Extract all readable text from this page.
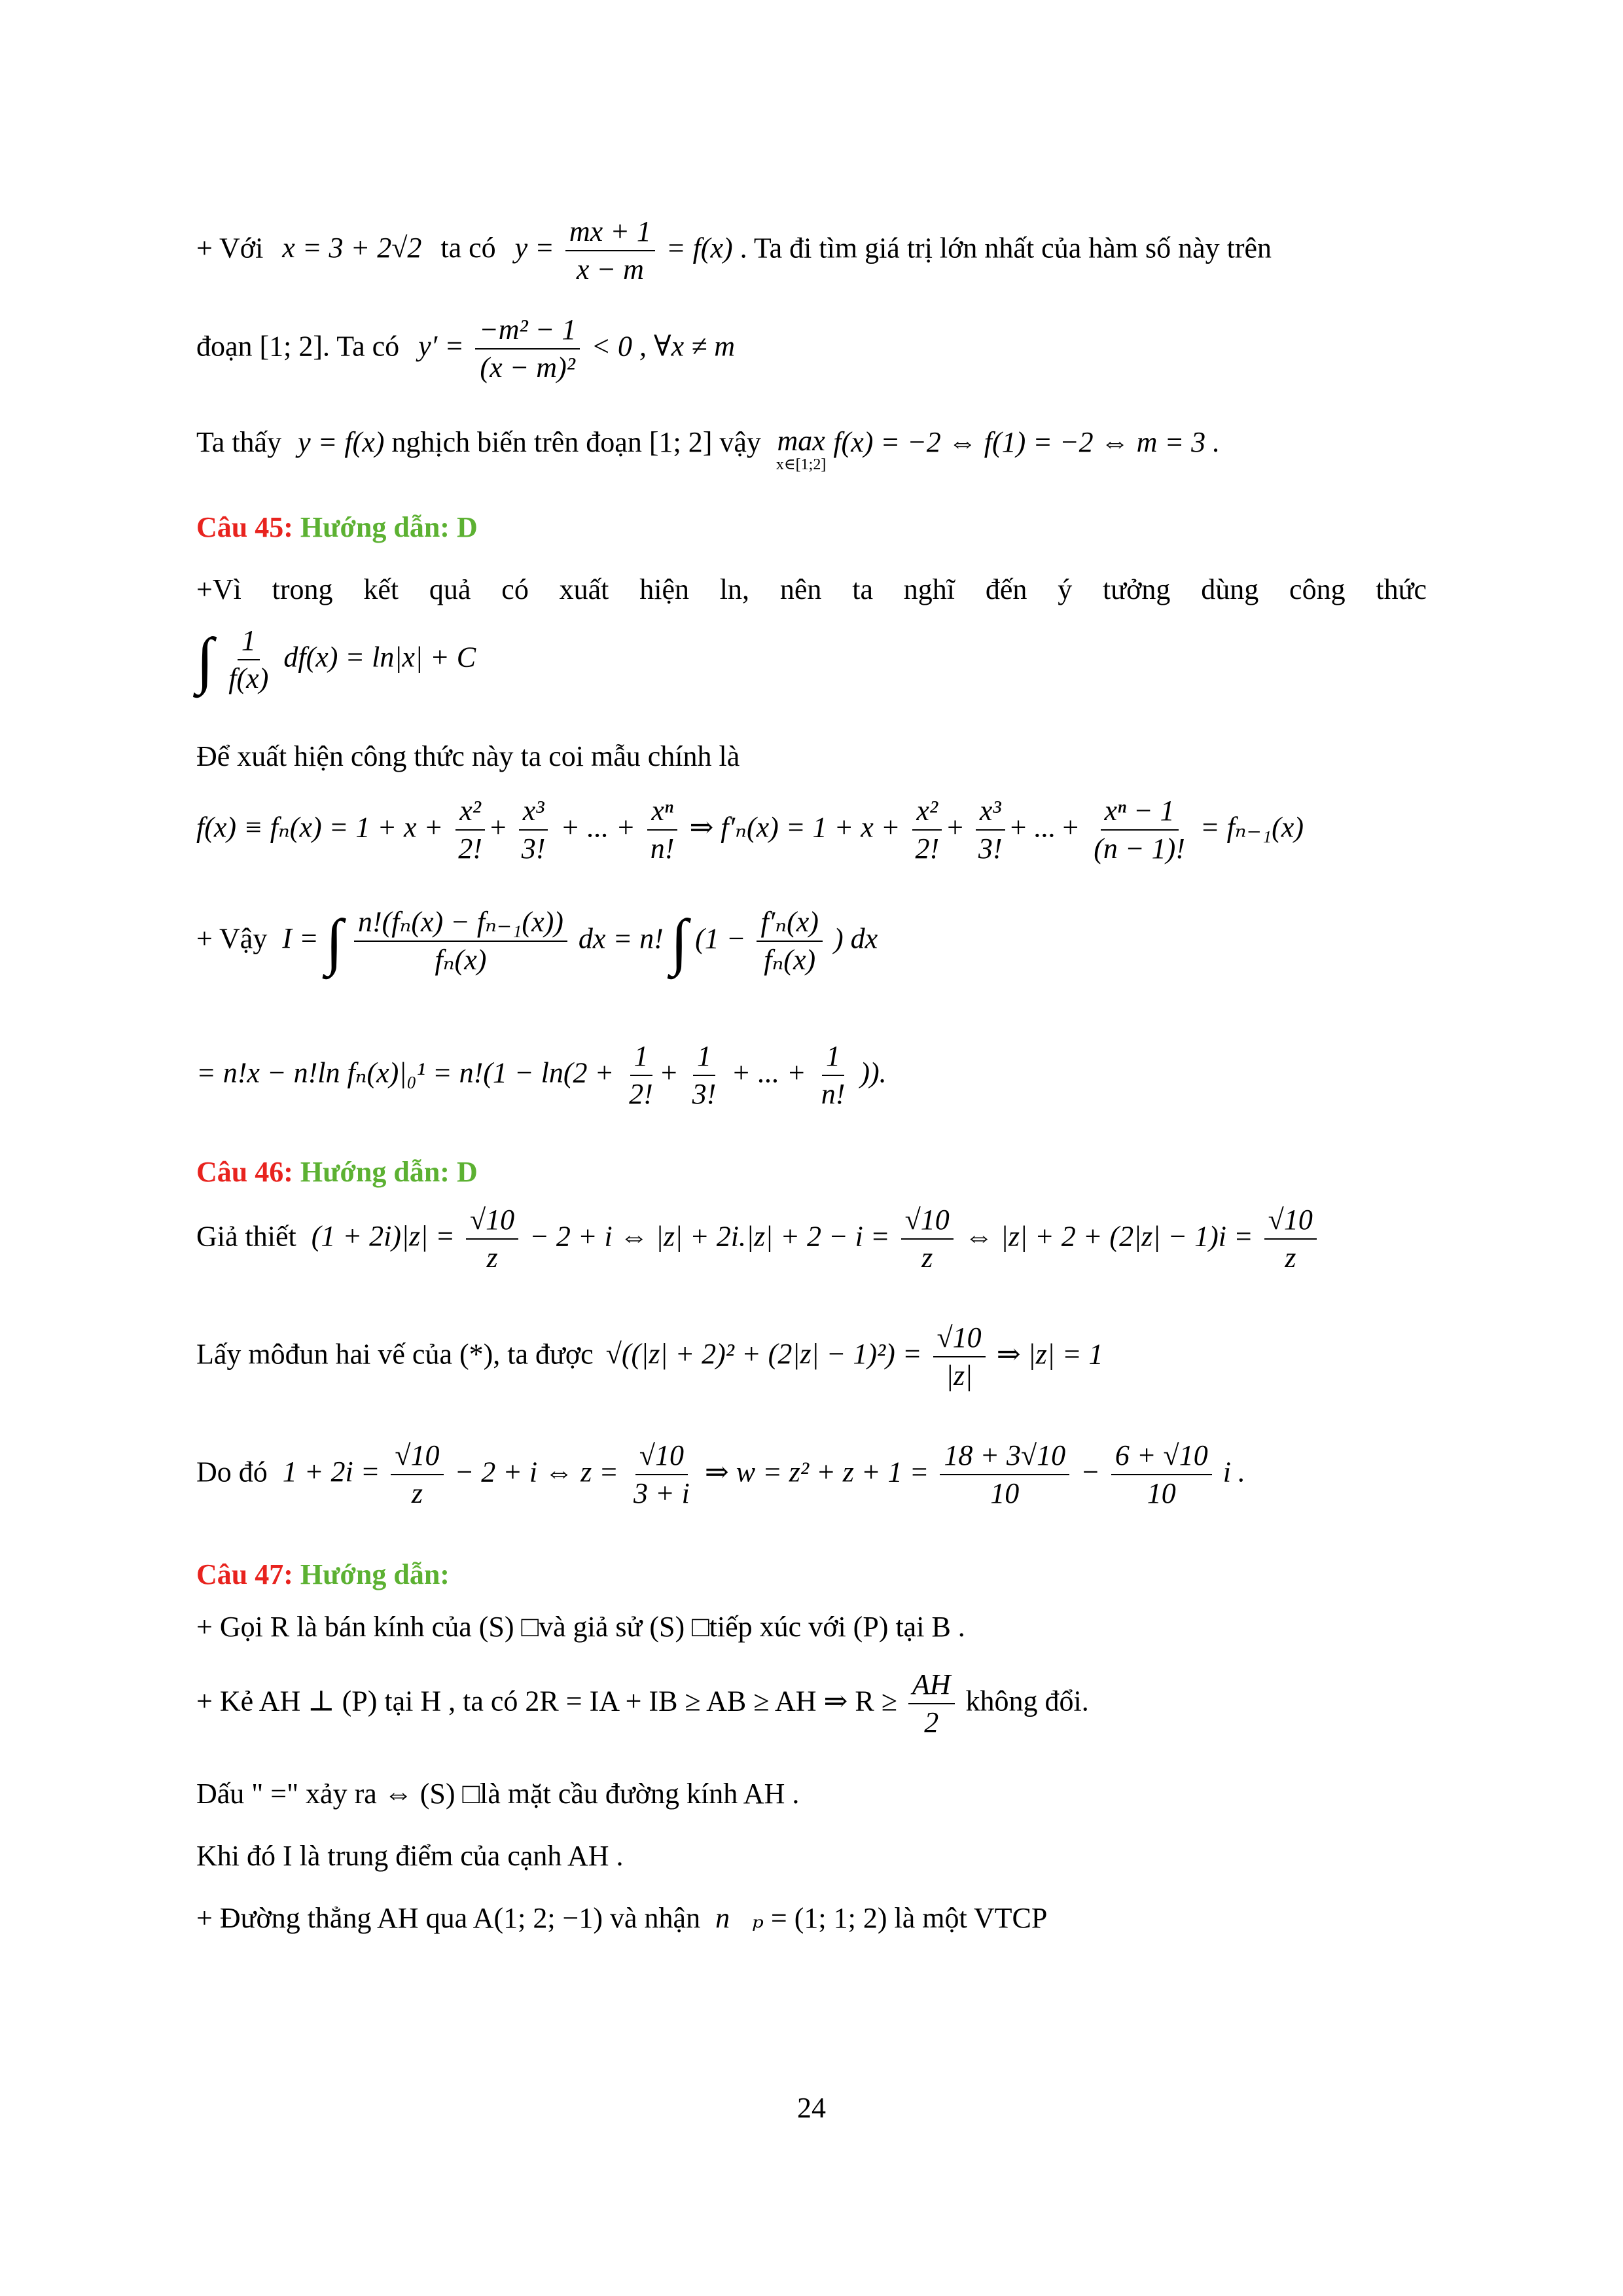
+ Với x = 3 + 2√2 ta có $y = \frac{mx + 1}{x - m} = f(x)$ . Ta đi tìm giá trị lớn nhất của hàm số này trên
đoạn [1; 2]. Ta có $y' = \frac{\text{−m² − 1}}{\text{(x − m)²}} < 0$ , ∀x ≠ m
Ta thấy y = f(x) nghịch biến trên đoạn [1; 2] vậy max
x∈[1;2]
f(x) = −2 ⇔ f(1) = −2 ⇔ m = 3 .
Câu 45: Hướng dẫn: D
+Vì trong kết quả có xuất hiện ln, nên ta nghĩ đến ý tưởng dùng công thức
∫ $\frac{1}{f(x)} df(x) = \ln|x| + C$
Để xuất hiện công thức này ta coi mẫu chính là
$f(x) \equiv f_n(x) = 1 + x + \frac{\text{x²}}{2!} + \frac{\text{x³}}{3!}$ + ... + $\frac{\text{xⁿ}}{n!}$ ⇒ $f'_n(x) = 1 + x + \frac{\text{x²}}{2!} + \frac{\text{x³}}{3!}$ + ... + $\frac{\text{xⁿ − 1}}{(n - 1)!} = f_{n-1}(x)$
+ Vậy I = ∫ $\frac{\text{n!(fₙ(x) − fₙ₋₁(x))}}{\text{fₙ(x)}}$ dx = n! ∫ ($1 - \frac{\text{f′ₙ(x)}}{\text{fₙ(x)}}$ ) dx
= n!x − n!ln $f_n(x)|_0^1 = n!(1 - \ln(2 + \frac{1}{2!} + \frac{1}{3!}$ + ... + $\frac{1}{n!}$ )).
Câu 46: Hướng dẫn: D
Giả thiết $(1 + 2i)|z| = \frac{√10}{z} - 2 + i$ ⇔ $|z| + 2i.|z| + 2 - i = \frac{√10}{z}$ ⇔ $|z| + 2 + (2|z| - 1)i = \frac{√10}{z}$
Lấy môđun hai vế của (*), ta được $√((|z| + 2)^2 + (2|z| - 1)^2) = \frac{√10}{|z|}$ ⇒ |z| = 1
Do đó $1 + 2i = \frac{√10}{z} - 2 + i$ ⇔ $z = \frac{√10}{3 + i}$ ⇒ $w = z^2 + z + 1 = \frac{18 + 3√10}{10} - \frac{6 + √10}{10}$ i .
Câu 47: Hướng dẫn:
+ Gọi R là bán kính của (S) □và giả sử (S) □tiếp xúc với (P) tại B .
+ Kẻ AH ⊥ (P) tại H , ta có 2R = IA + IB ≥ AB ≥ AH ⇒ $R \ge \frac{AH}{2}$ không đổi.
Dấu " =" xảy ra ⇔ (S) □là mặt cầu đường kính AH .
Khi đó I là trung điểm của cạnh AH .
+ Đường thẳng AH qua A(1; 2; −1) và nhận n⃗ₚ = (1; 1; 2) là một VTCP
24
